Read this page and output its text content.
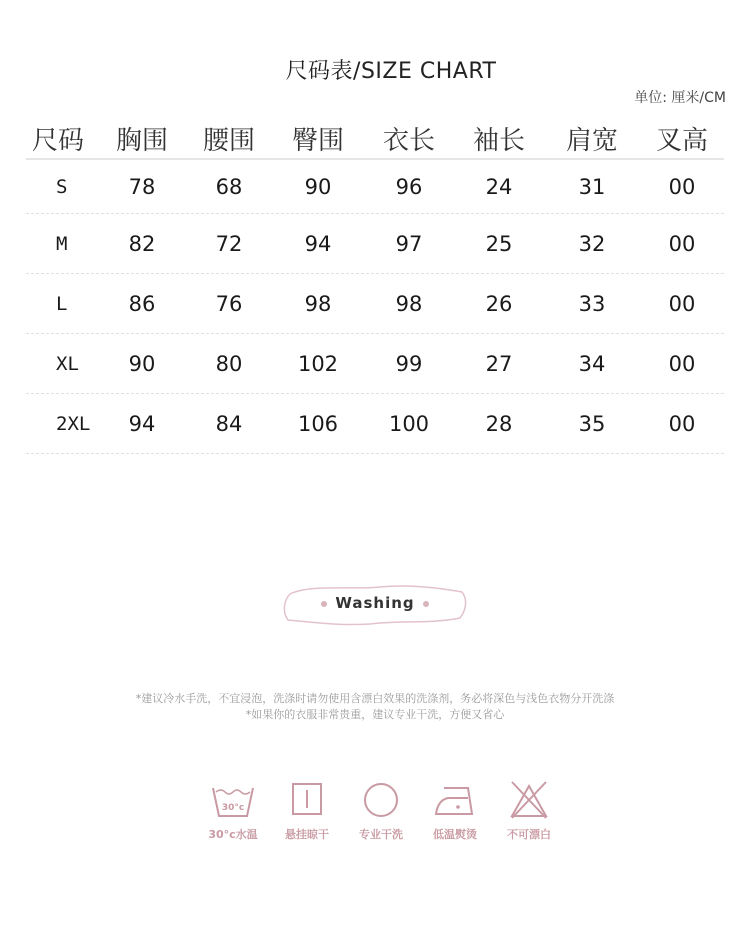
尺码表/SIZE CHART
单位: 厘米/CM
尺码	胸围	腰围	臀围	衣长	袖长	肩宽	叉高
S	78	68	90	96	24	31	00
M	82	72	94	97	25	32	00
L	86	76	98	98	26	33	00
XL	90	80	102	99	27	34	00
2XL	94	84	106	100	28	35	00
Washing
*建议冷水手洗，不宜浸泡，洗涤时请勿使用含漂白效果的洗涤剂，务必将深色与浅色衣物分开洗涤
*如果你的衣服非常贵重，建议专业干洗，方便又省心
30°c
30°c水温 悬挂晾干	专业干洗	低温熨烫	不可漂白
